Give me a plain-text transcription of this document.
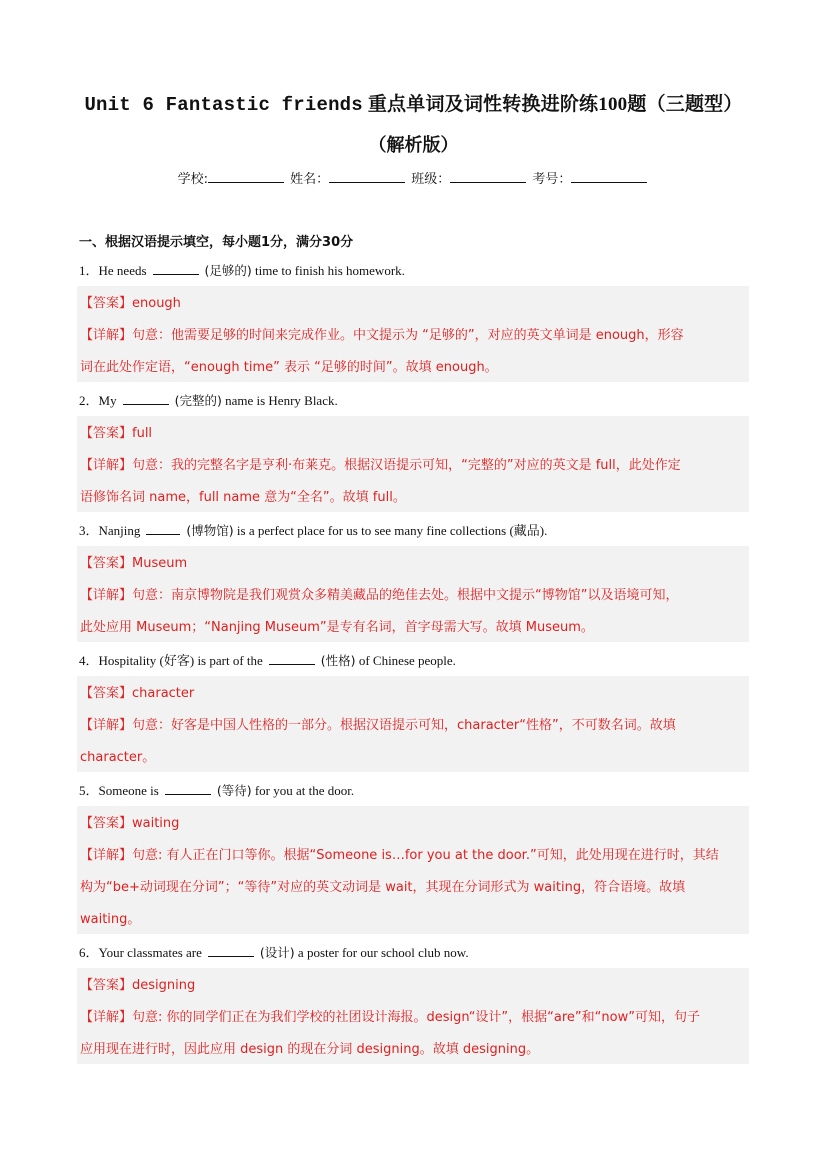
Unit 6 Fantastic friends 重点单词及词性转换进阶练100题（三题型）
（解析版）
学校:	姓名：	班级：	考号：
一、根据汉语提示填空，每小题1分，满分30分
1．He needs	(足够的) time to finish his homework.
【答案】enough
【详解】句意：他需要足够的时间来完成作业。中文提示为 “足够的”，对应的英文单词是 enough，形容
词在此处作定语，“enough time” 表示 “足够的时间”。故填 enough。
2．My	(完整的) name is Henry Black.
【答案】full
【详解】句意：我的完整名字是亨利·布莱克。根据汉语提示可知，“完整的”对应的英文是 full，此处作定
语修饰名词 name，full name 意为“全名”。故填 full。
3．Nanjing	(博物馆) is a perfect place for us to see many fine collections (藏品).
【答案】Museum
【详解】句意：南京博物院是我们观赏众多精美藏品的绝佳去处。根据中文提示“博物馆”以及语境可知，
此处应用 Museum；“Nanjing Museum”是专有名词，首字母需大写。故填 Museum。
4．Hospitality (好客) is part of the	(性格) of Chinese people.
【答案】character
【详解】句意：好客是中国人性格的一部分。根据汉语提示可知，character“性格”，不可数名词。故填
character。
5．Someone is	(等待) for you at the door.
【答案】waiting
【详解】句意: 有人正在门口等你。根据“Someone is…for you at the door.”可知，此处用现在进行时，其结
构为“be+动词现在分词”；“等待”对应的英文动词是 wait，其现在分词形式为 waiting，符合语境。故填
waiting。
6．Your classmates are	(设计) a poster for our school club now.
【答案】designing
【详解】句意: 你的同学们正在为我们学校的社团设计海报。design“设计”，根据“are”和“now”可知，句子
应用现在进行时，因此应用 design 的现在分词 designing。故填 designing。
